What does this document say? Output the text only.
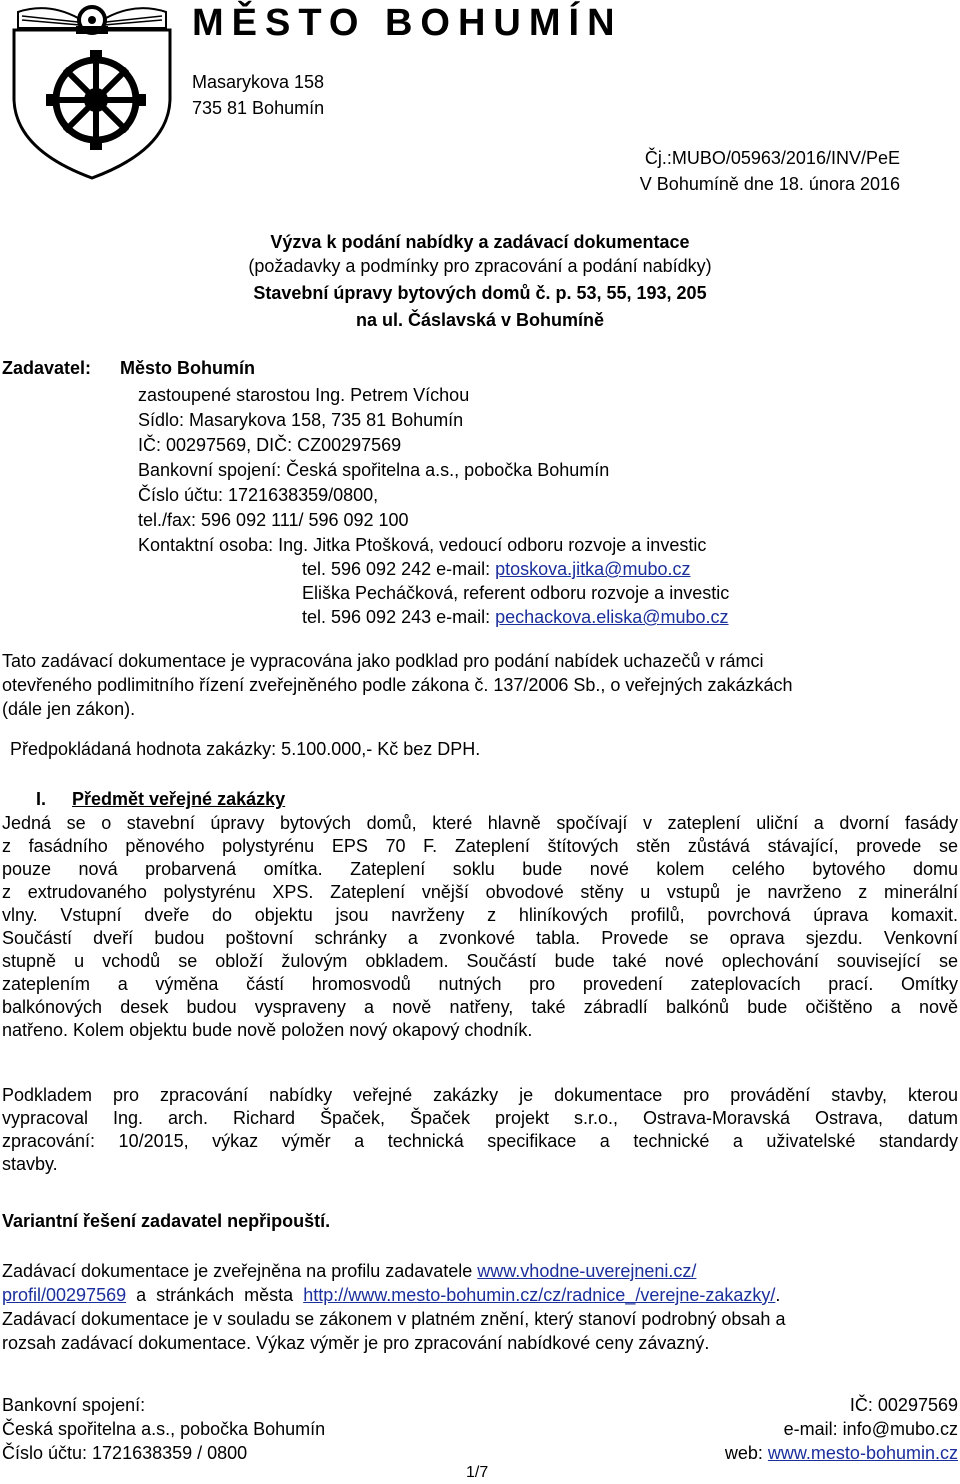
MĚSTO BOHUMÍN
Masarykova 158
735 81 Bohumín
Čj.:MUBO/05963/2016/INV/PeE
V Bohumíně dne 18. února 2016
Výzva k podání nabídky a zadávací dokumentace
(požadavky a podmínky pro zpracování a podání nabídky)
Stavební úpravy bytových domů č. p. 53, 55, 193, 205
na ul. Čáslavská v Bohumíně
Zadavatel: Město Bohumín
zastoupené starostou Ing. Petrem Víchou
Sídlo: Masarykova 158, 735 81 Bohumín
IČ: 00297569, DIČ: CZ00297569
Bankovní spojení: Česká spořitelna a.s., pobočka Bohumín
Číslo účtu: 1721638359/0800,
tel./fax: 596 092 111/ 596 092 100
Kontaktní osoba: Ing. Jitka Ptošková, vedoucí odboru rozvoje a investic
tel. 596 092 242 e-mail: ptoskova.jitka@mubo.cz
Eliška Pecháčková, referent odboru rozvoje a investic
tel. 596 092 243 e-mail: pechackova.eliska@mubo.cz
Tato zadávací dokumentace je vypracována jako podklad pro podání nabídek uchazečů v rámci
otevřeného podlimitního řízení zveřejněného podle zákona č. 137/2006 Sb., o veřejných zakázkách
(dále jen zákon).
Předpokládaná hodnota zakázky: 5.100.000,- Kč bez DPH.
I. Předmět veřejné zakázky
Jedná se o stavební úpravy bytových domů, které hlavně spočívají v zateplení uliční a dvorní fasády
z fasádního pěnového polystyrénu EPS 70 F. Zateplení štítových stěn zůstává stávající, provede se
pouze nová probarvená omítka. Zateplení soklu bude nové kolem celého bytového domu
z extrudovaného polystyrénu XPS. Zateplení vnější obvodové stěny u vstupů je navrženo z minerální
vlny. Vstupní dveře do objektu jsou navrženy z hliníkových profilů, povrchová úprava komaxit.
Součástí dveří budou poštovní schránky a zvonkové tabla. Provede se oprava sjezdu. Venkovní
stupně u vchodů se obloží žulovým obkladem. Součástí bude také nové oplechování související se
zateplením a výměna částí hromosvodů nutných pro provedení zateplovacích prací. Omítky
balkónových desek budou vyspraveny a nově natřeny, také zábradlí balkónů bude očištěno a nově
natřeno. Kolem objektu bude nově položen nový okapový chodník.
Podkladem pro zpracování nabídky veřejné zakázky je dokumentace pro provádění stavby, kterou
vypracoval Ing. arch. Richard Špaček, Špaček projekt s.r.o., Ostrava-Moravská Ostrava, datum
zpracování: 10/2015, výkaz výměr a technická specifikace a technické a uživatelské standardy
stavby.
Variantní řešení zadavatel nepřipouští.
Zadávací dokumentace je zveřejněna na profilu zadavatele www.vhodne-uverejneni.cz/
profil/00297569  a  stránkách  města  http://www.mesto-bohumin.cz/cz/radnice_/verejne-zakazky/.
Zadávací dokumentace je v souladu se zákonem v platném znění, který stanoví podrobný obsah a
rozsah zadávací dokumentace. Výkaz výměr je pro zpracování nabídkové ceny závazný.
Bankovní spojení:
Česká spořitelna a.s., pobočka Bohumín
Číslo účtu: 1721638359 / 0800
IČ: 00297569
e-mail: info@mubo.cz
web: www.mesto-bohumin.cz
1/7
